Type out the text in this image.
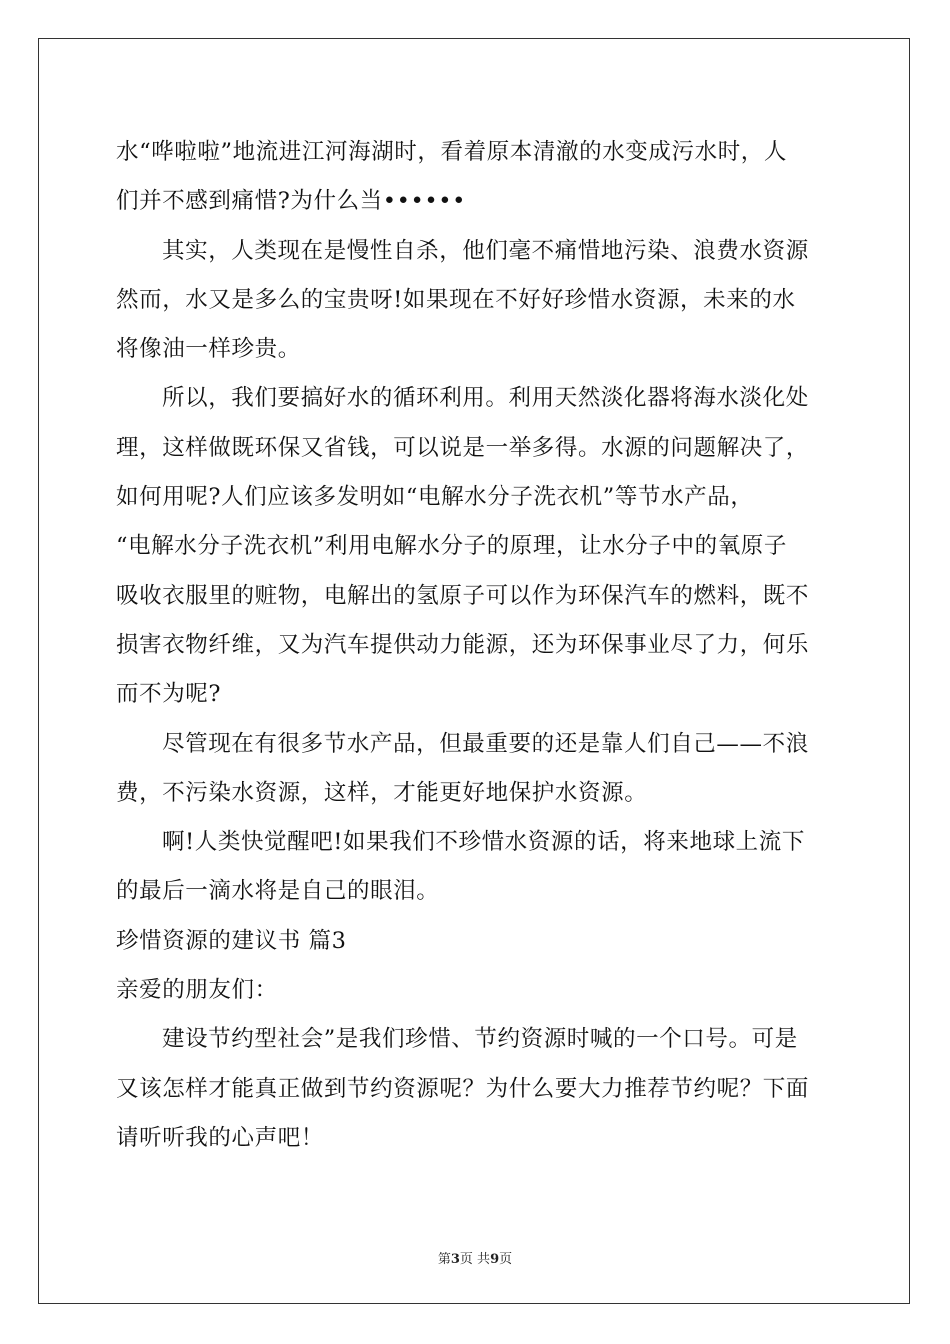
水“哗啦啦”地流进江河海湖时，看着原本清澈的水变成污水时，人
们并不感到痛惜?为什么当••••••
其实，人类现在是慢性自杀，他们毫不痛惜地污染、浪费水资源
然而，水又是多么的宝贵呀!如果现在不好好珍惜水资源，未来的水
将像油一样珍贵。
所以，我们要搞好水的循环利用。利用天然淡化器将海水淡化处
理，这样做既环保又省钱，可以说是一举多得。水源的问题解决了，
如何用呢?人们应该多发明如“电解水分子洗衣机”等节水产品，
“电解水分子洗衣机”利用电解水分子的原理，让水分子中的氧原子
吸收衣服里的赃物，电解出的氢原子可以作为环保汽车的燃料，既不
损害衣物纤维，又为汽车提供动力能源，还为环保事业尽了力，何乐
而不为呢?
尽管现在有很多节水产品，但最重要的还是靠人们自己——不浪
费，不污染水资源，这样，才能更好地保护水资源。
啊!人类快觉醒吧!如果我们不珍惜水资源的话，将来地球上流下
的最后一滴水将是自己的眼泪。
珍惜资源的建议书 篇3
亲爱的朋友们：
建设节约型社会”是我们珍惜、节约资源时喊的一个口号。可是
又该怎样才能真正做到节约资源呢？为什么要大力推荐节约呢？下面
请听听我的心声吧！
第3页 共9页
